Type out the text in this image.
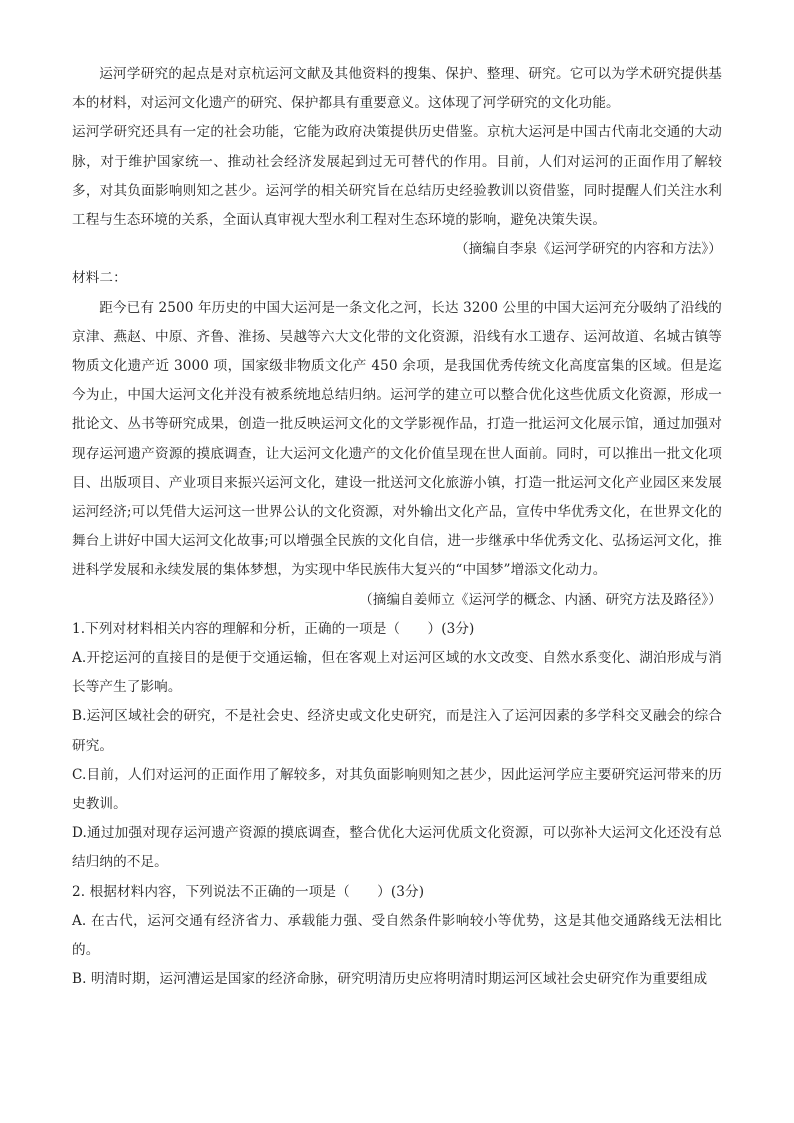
运河学研究的起点是对京杭运河文献及其他资料的搜集、保护、整理、研究。它可以为学术研究提供基本的材料，对运河文化遗产的研究、保护都具有重要意义。这体现了河学研究的文化功能。

运河学研究还具有一定的社会功能，它能为政府决策提供历史借鉴。京杭大运河是中国古代南北交通的大动脉，对于维护国家统一、推动社会经济发展起到过无可替代的作用。目前，人们对运河的正面作用了解较多，对其负面影响则知之甚少。运河学的相关研究旨在总结历史经验教训以资借鉴，同时提醒人们关注水利工程与生态环境的关系，全面认真审视大型水利工程对生态环境的影响，避免决策失误。

（摘编自李泉《运河学研究的内容和方法》）

材料二：

距今已有 2500 年历史的中国大运河是一条文化之河，长达 3200 公里的中国大运河充分吸纳了沿线的京津、燕赵、中原、齐鲁、淮扬、吴越等六大文化带的文化资源，沿线有水工遗存、运河故道、名城古镇等物质文化遗产近 3000 项，国家级非物质文化产 450 余项，是我国优秀传统文化高度富集的区域。但是迄今为止，中国大运河文化并没有被系统地总结归纳。运河学的建立可以整合优化这些优质文化资源，形成一批论文、丛书等研究成果，创造一批反映运河文化的文学影视作品，打造一批运河文化展示馆，通过加强对现存运河遗产资源的摸底调查，让大运河文化遗产的文化价值呈现在世人面前。同时，可以推出一批文化项目、出版项目、产业项目来振兴运河文化，建设一批送河文化旅游小镇，打造一批运河文化产业园区来发展运河经济;可以凭借大运河这一世界公认的文化资源，对外输出文化产品，宣传中华优秀文化，在世界文化的舞台上讲好中国大运河文化故事;可以增强全民族的文化自信，进一步继承中华优秀文化、弘扬运河文化，推进科学发展和永续发展的集体梦想，为实现中华民族伟大复兴的“中国梦”增添文化动力。

（摘编自姜师立《运河学的概念、内涵、研究方法及路径》）

1.下列对材料相关内容的理解和分析，正确的一项是（　　）(3分)

A.开挖运河的直接目的是便于交通运输，但在客观上对运河区域的水文改变、自然水系变化、湖泊形成与消长等产生了影响。

B.运河区域社会的研究，不是社会史、经济史或文化史研究，而是注入了运河因素的多学科交叉融会的综合研究。

C.目前，人们对运河的正面作用了解较多，对其负面影响则知之甚少，因此运河学应主要研究运河带来的历史教训。

D.通过加强对现存运河遗产资源的摸底调查，整合优化大运河优质文化资源，可以弥补大运河文化还没有总结归纳的不足。

2. 根据材料内容，下列说法不正确的一项是（　　）(3分)

A. 在古代，运河交通有经济省力、承载能力强、受自然条件影响较小等优势，这是其他交通路线无法相比的。

B. 明清时期，运河漕运是国家的经济命脉，研究明清历史应将明清时期运河区域社会史研究作为重要组成
